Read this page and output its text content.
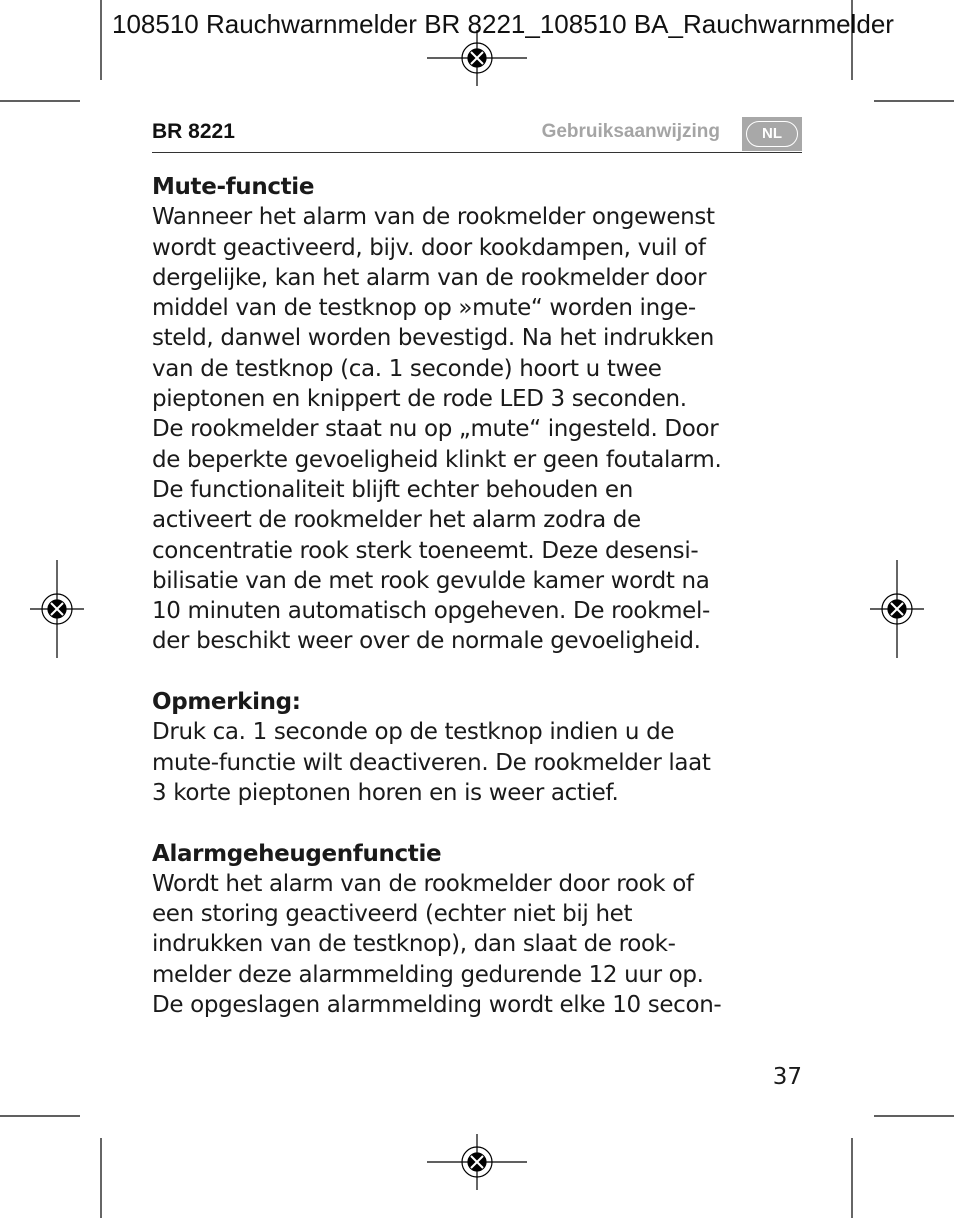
108510 Rauchwarnmelder BR 8221_108510 BA_Rauchwarnmelder
BR 8221	Gebruiksaanwijzing	NL
Mute-functie

Wanneer het alarm van de rookmelder ongewenst
wordt geactiveerd, bijv. door kookdampen, vuil of
dergelijke, kan het alarm van de rookmelder door
middel van de testknop op »mute“ worden inge-
steld, danwel worden bevestigd. Na het indrukken
van de testknop (ca. 1 seconde) hoort u twee
pieptonen en knippert de rode LED 3 seconden.
De rookmelder staat nu op „mute“ ingesteld. Door
de beperkte gevoeligheid klinkt er geen foutalarm.
De functionaliteit blijft echter behouden en
activeert de rookmelder het alarm zodra de
concentratie rook sterk toeneemt. Deze desensi-
bilisatie van de met rook gevulde kamer wordt na
10 minuten automatisch opgeheven. De rookmel-
der beschikt weer over de normale gevoeligheid.

Opmerking:

Druk ca. 1 seconde op de testknop indien u de
mute-functie wilt deactiveren. De rookmelder laat
3 korte pieptonen horen en is weer actief.

Alarmgeheugenfunctie

Wordt het alarm van de rookmelder door rook of
een storing geactiveerd (echter niet bij het
indrukken van de testknop), dan slaat de rook-
melder deze alarmmelding gedurende 12 uur op.
De opgeslagen alarmmelding wordt elke 10 secon-

37
